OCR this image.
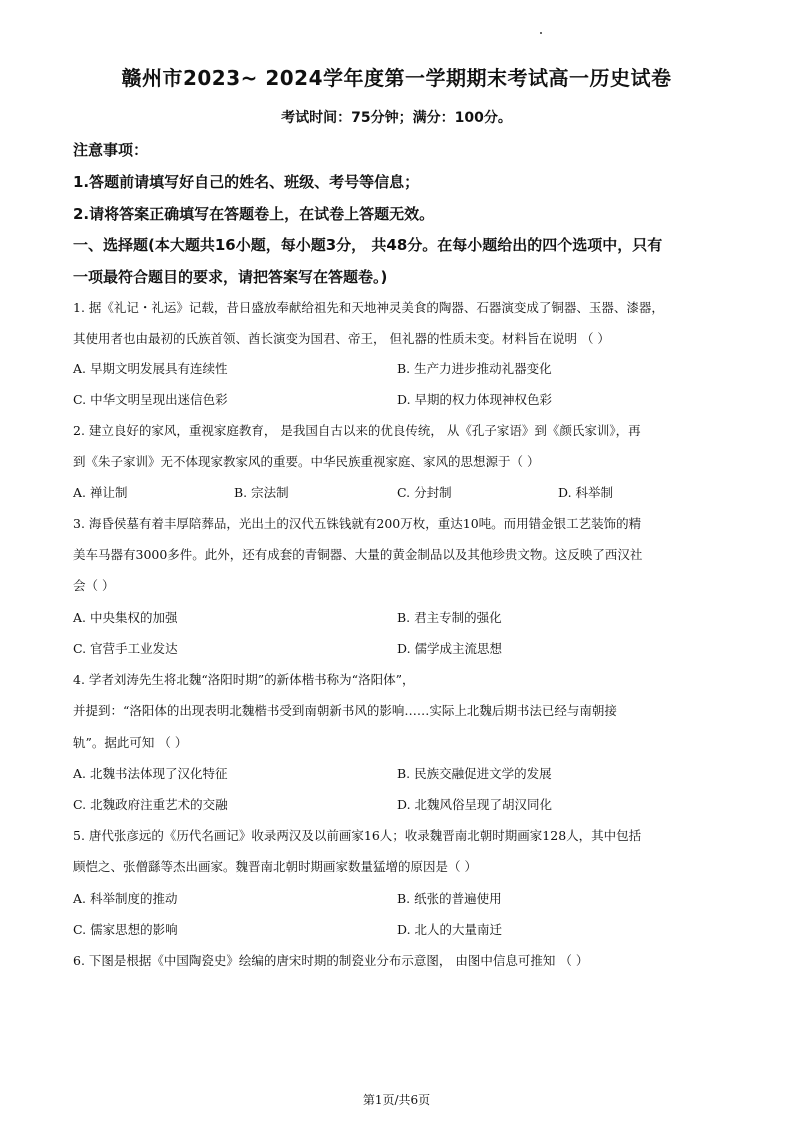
赣州市2023~ 2024学年度第一学期期末考试高一历史试卷
考试时间：75分钟；满分：100分。
注意事项：
1.答题前请填写好自己的姓名、班级、考号等信息；
2.请将答案正确填写在答题卷上，在试卷上答题无效。
一、选择题(本大题共16小题，每小题3分， 共48分。在每小题给出的四个选项中，只有
一项最符合题目的要求，请把答案写在答题卷。)
1. 据《礼记・礼运》记载，昔日盛放奉献给祖先和天地神灵美食的陶器、石器演变成了铜器、玉器、漆器，
其使用者也由最初的氏族首领、酋长演变为国君、帝王， 但礼器的性质未变。材料旨在说明 （ ）
A. 早期文明发展具有连续性	B. 生产力进步推动礼器变化
C. 中华文明呈现出迷信色彩	D. 早期的权力体现神权色彩
2. 建立良好的家风，重视家庭教育， 是我国自古以来的优良传统， 从《孔子家语》到《颜氏家训》，再
到《朱子家训》无不体现家教家风的重要。中华民族重视家庭、家风的思想源于（ ）
A. 禅让制	B. 宗法制	C. 分封制	D. 科举制
3. 海昏侯墓有着丰厚陪葬品，光出土的汉代五铢钱就有200万枚，重达10吨。而用错金银工艺装饰的精
美车马器有3000多件。此外，还有成套的青铜器、大量的黄金制品以及其他珍贵文物。这反映了西汉社
会（ ）
A. 中央集权的加强	B. 君主专制的强化
C. 官营手工业发达	D. 儒学成主流思想
4. 学者刘涛先生将北魏“洛阳时期”的新体楷书称为“洛阳体”，
并提到：“洛阳体的出现表明北魏楷书受到南朝新书风的影响……实际上北魏后期书法已经与南朝接
轨”。据此可知 （ ）
A. 北魏书法体现了汉化特征	B. 民族交融促进文学的发展
C. 北魏政府注重艺术的交融	D. 北魏风俗呈现了胡汉同化
5. 唐代张彦远的《历代名画记》收录两汉及以前画家16人；收录魏晋南北朝时期画家128人，其中包括
顾恺之、张僧繇等杰出画家。魏晋南北朝时期画家数量猛增的原因是（ ）
A. 科举制度的推动	B. 纸张的普遍使用
C. 儒家思想的影响	D. 北人的大量南迁
6. 下图是根据《中国陶瓷史》绘编的唐宋时期的制瓷业分布示意图， 由图中信息可推知 （ ）
第1页/共6页
